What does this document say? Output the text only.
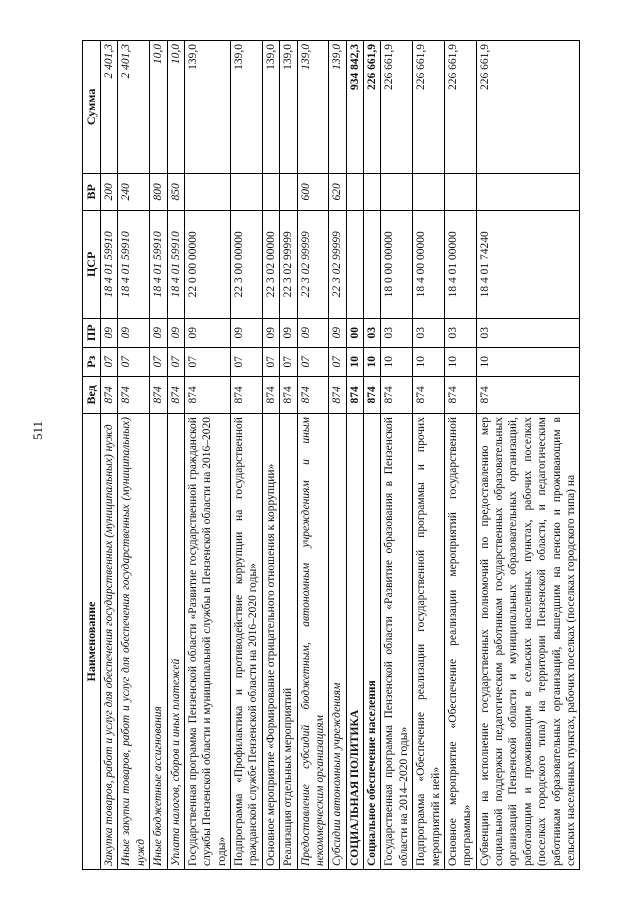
511
Наименование	Вед	Рз	ПР	ЦСР	ВР	Сумма
Закупка товаров, работ и услуг для обеспечения государственных (муниципальных) нужд	874	07	09	18 4 01 59910	200	2 401,3
Иные закупки товаров, работ и услуг для обеспечения государственных (муниципальных) нужд	874	07	09	18 4 01 59910	240	2 401,3
Иные бюджетные ассигнования	874	07	09	18 4 01 59910	800	10,0
Уплата налогов, сборов и иных платежей	874	07	09	18 4 01 59910	850	10,0
Государственная программа Пензенской области «Развитие государственной гражданской службы Пензенской области и муниципальной службы в Пензенской области на 2016–2020 годы»	874	07	09	22 0 00 00000		139,0
Подпрограмма «Профилактика и противодействие коррупции на государственной гражданской службе Пензенской области на 2016–2020 годы»	874	07	09	22 3 00 00000		139,0
Основное мероприятие «Формирование отрицательного отношения к коррупции»	874	07	09	22 3 02 00000		139,0
Реализация отдельных мероприятий	874	07	09	22 3 02 99999		139,0
Предоставление субсидий бюджетным, автономным учреждениям и иным некоммерческим организациям	874	07	09	22 3 02 99999	600	139,0
Субсидии автономным учреждениям	874	07	09	22 3 02 99999	620	139,0
СОЦИАЛЬНАЯ ПОЛИТИКА	874	10	00			934 842,3
Социальное обеспечение населения	874	10	03			226 661,9
Государственная программа Пензенской области «Развитие образования в Пензенской области на 2014–2020 годы»	874	10	03	18 0 00 00000		226 661,9
Подпрограмма «Обеспечение реализации государственной программы и прочих мероприятий к ней»	874	10	03	18 4 00 00000		226 661,9
Основное мероприятие «Обеспечение реализации мероприятий государственной программы»	874	10	03	18 4 01 00000		226 661,9
Субвенции на исполнение государственных полномочий по предоставлению мер социальной поддержки педагогическим работникам государственных образовательных организаций Пензенской области и муниципальных образовательных организаций, работающим и проживающим в сельских населенных пунктах, рабочих поселках (поселках городского типа) на территории Пензенской области, и педагогическим работникам образовательных организаций, вышедшим на пенсию и проживающим в сельских населенных пунктах, рабочих поселках (поселках городского типа) на	874	10	03	18 4 01 74240		226 661,9
